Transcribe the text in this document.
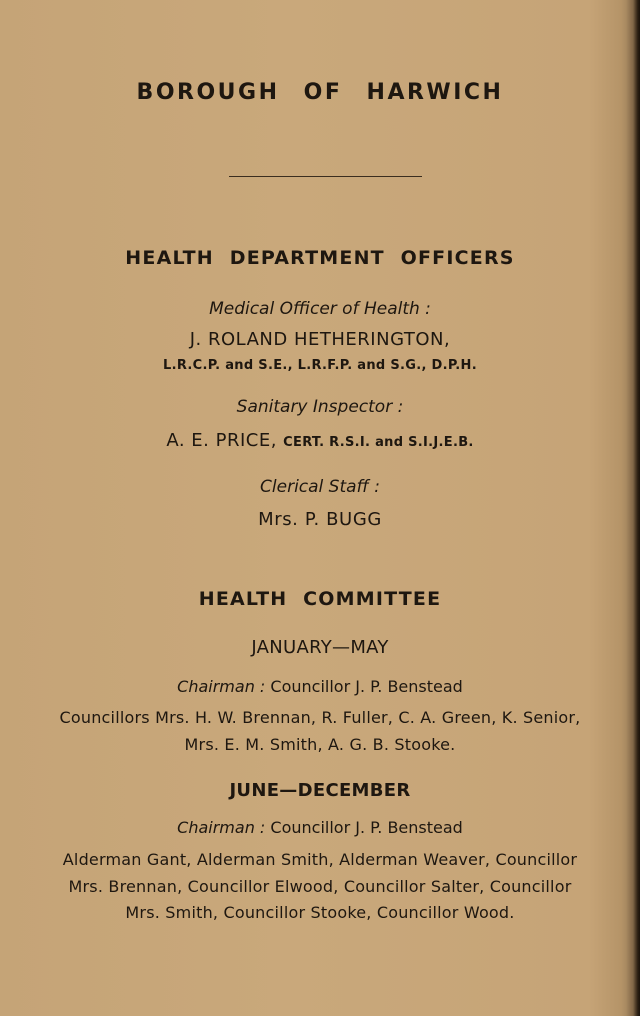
BOROUGH OF HARWICH
HEALTH DEPARTMENT OFFICERS
Medical Officer of Health :
J. ROLAND HETHERINGTON,
L.R.C.P. and S.E., L.R.F.P. and S.G., D.P.H.
Sanitary Inspector :
A. E. PRICE, CERT. R.S.I. and S.I.J.E.B.
Clerical Staff :
Mrs. P. BUGG
HEALTH COMMITTEE
JANUARY—MAY
Chairman : Councillor J. P. Benstead
Councillors Mrs. H. W. Brennan, R. Fuller, C. A. Green, K. Senior,
Mrs. E. M. Smith, A. G. B. Stooke.
JUNE—DECEMBER
Chairman : Councillor J. P. Benstead
Alderman Gant, Alderman Smith, Alderman Weaver, Councillor
Mrs. Brennan, Councillor Elwood, Councillor Salter, Councillor
Mrs. Smith, Councillor Stooke, Councillor Wood.
